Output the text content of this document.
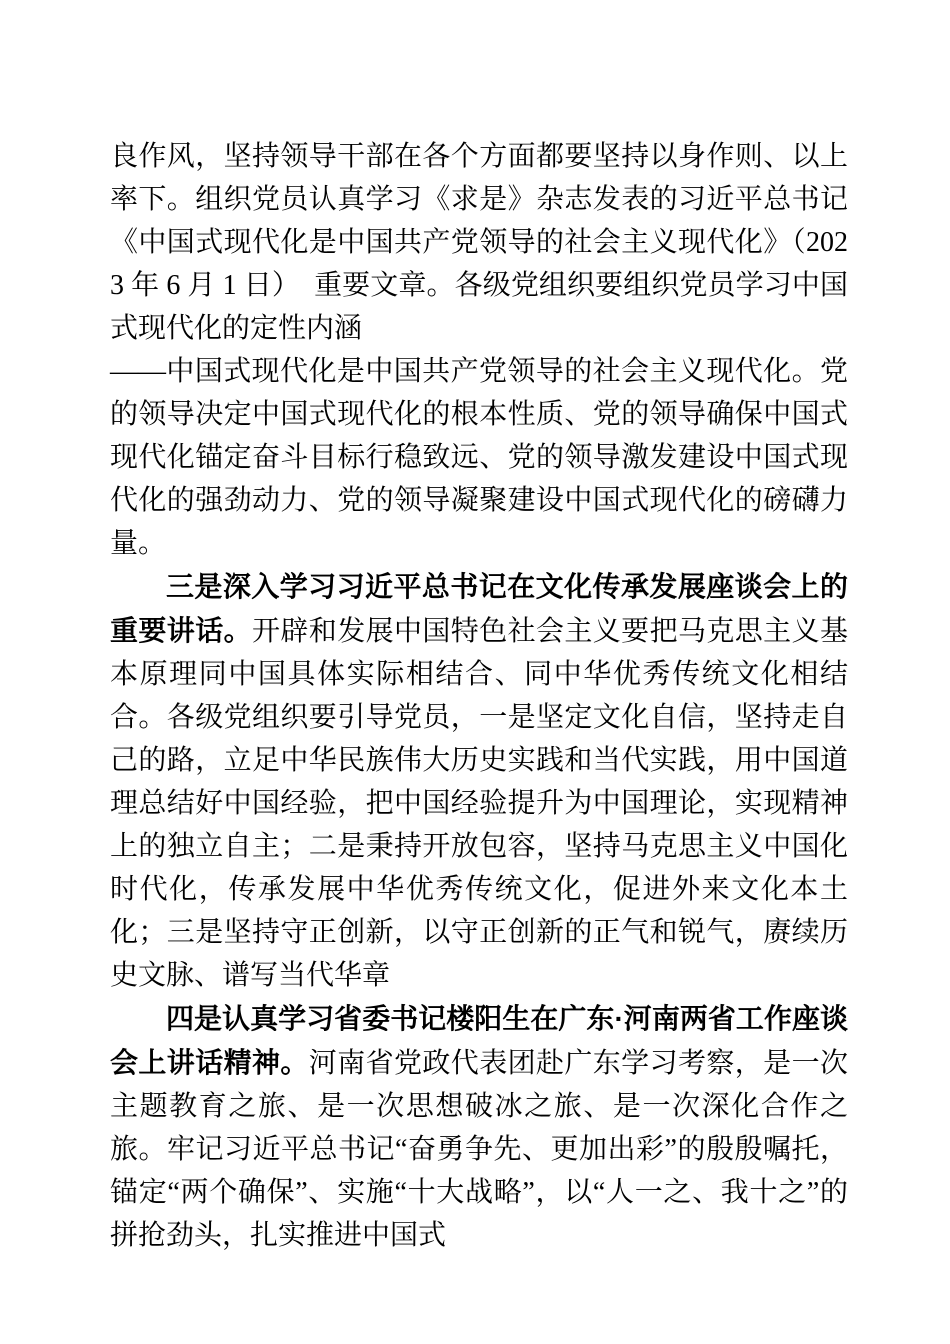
良作风，坚持领导干部在各个方面都要坚持以身作则、以上率下。组织党员认真学习《求是》杂志发表的习近平总书记《中国式现代化是中国共产党领导的社会主义现代化》（2023 年 6 月 1 日）　重要文章。各级党组织要组织党员学习中国式现代化的定性内涵

——中国式现代化是中国共产党领导的社会主义现代化。党的领导决定中国式现代化的根本性质、党的领导确保中国式现代化锚定奋斗目标行稳致远、党的领导激发建设中国式现代化的强劲动力、党的领导凝聚建设中国式现代化的磅礴力量。

三是深入学习习近平总书记在文化传承发展座谈会上的重要讲话。开辟和发展中国特色社会主义要把马克思主义基本原理同中国具体实际相结合、同中华优秀传统文化相结合。各级党组织要引导党员，一是坚定文化自信，坚持走自己的路，立足中华民族伟大历史实践和当代实践，用中国道理总结好中国经验，把中国经验提升为中国理论，实现精神上的独立自主；二是秉持开放包容，坚持马克思主义中国化时代化，传承发展中华优秀传统文化，促进外来文化本土化；三是坚持守正创新，以守正创新的正气和锐气，赓续历史文脉、谱写当代华章

四是认真学习省委书记楼阳生在广东·河南两省工作座谈会上讲话精神。河南省党政代表团赴广东学习考察，是一次主题教育之旅、是一次思想破冰之旅、是一次深化合作之旅。牢记习近平总书记“奋勇争先、更加出彩”的殷殷嘱托，锚定“两个确保”、实施“十大战略”，以“人一之、我十之”的拼抢劲头，扎实推进中国式
